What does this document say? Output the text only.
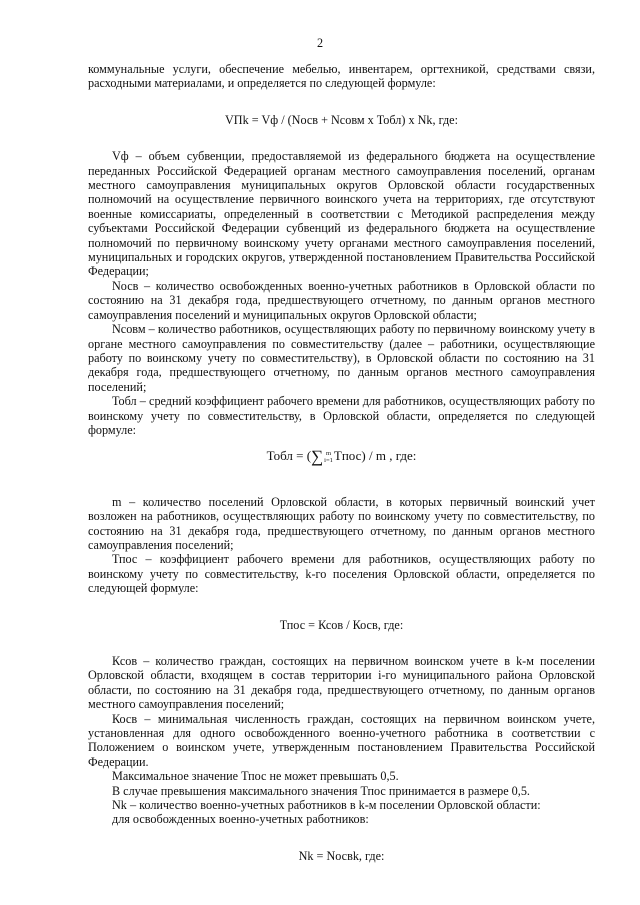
2

коммунальные услуги, обеспечение мебелью, инвентарем, оргтехникой, средствами связи, расходными материалами, и определяется по следующей формуле:

VПk = Vф / (Nосв + Nсовм х Тобл) х Nk, где:

Vф – объем субвенции, предоставляемой из федерального бюджета на осуществление переданных Российской Федерацией органам местного самоуправления поселений, органам местного самоуправления муниципальных округов Орловской области государственных полномочий на осуществление первичного воинского учета на территориях, где отсутствуют военные комиссариаты, определенный в соответствии с Методикой распределения между субъектами Российской Федерации субвенций из федерального бюджета на осуществление полномочий по первичному воинскому учету органами местного самоуправления поселений, муниципальных и городских округов, утвержденной постановлением Правительства Российской Федерации;

Nосв – количество освобожденных военно-учетных работников в Орловской области по состоянию на 31 декабря года, предшествующего отчетному, по данным органов местного самоуправления поселений и муниципальных округов Орловской области;

Nсовм – количество работников, осуществляющих работу по первичному воинскому учету в органе местного самоуправления по совместительству (далее – работники, осуществляющие работу по воинскому учету по совместительству), в Орловской области по состоянию на 31 декабря года, предшествующего отчетному, по данным органов местного самоуправления поселений;

Тобл – средний коэффициент рабочего времени для работников, осуществляющих работу по воинскому учету по совместительству, в Орловской области, определяется по следующей формуле:

Тобл = (∑ m
i=1Tпос) / m , где:

m – количество поселений Орловской области, в которых первичный воинский учет возложен на работников, осуществляющих работу по воинскому учету по совместительству, по состоянию на 31 декабря года, предшествующего отчетному, по данным органов местного самоуправления поселений;

Тпос – коэффициент рабочего времени для работников, осуществляющих работу по воинскому учету по совместительству, k-го поселения Орловской области, определяется по следующей формуле:

Тпос = Ксов / Косв, где:

Ксов – количество граждан, состоящих на первичном воинском учете в k-м поселении Орловской области, входящем в состав территории i-го муниципального района Орловской области, по состоянию на 31 декабря года, предшествующего отчетному, по данным органов местного самоуправления поселений;

Косв – минимальная численность граждан, состоящих на первичном воинском учете, установленная для одного освобожденного военно-учетного работника в соответствии с Положением о воинском учете, утвержденным постановлением Правительства Российской Федерации.

Максимальное значение Тпос не может превышать 0,5.

В случае превышения максимального значения Тпос принимается в размере 0,5.

Nk – количество военно-учетных работников в k-м поселении Орловской области:

для освобожденных военно-учетных работников:

Nk = Nосвk, где:
